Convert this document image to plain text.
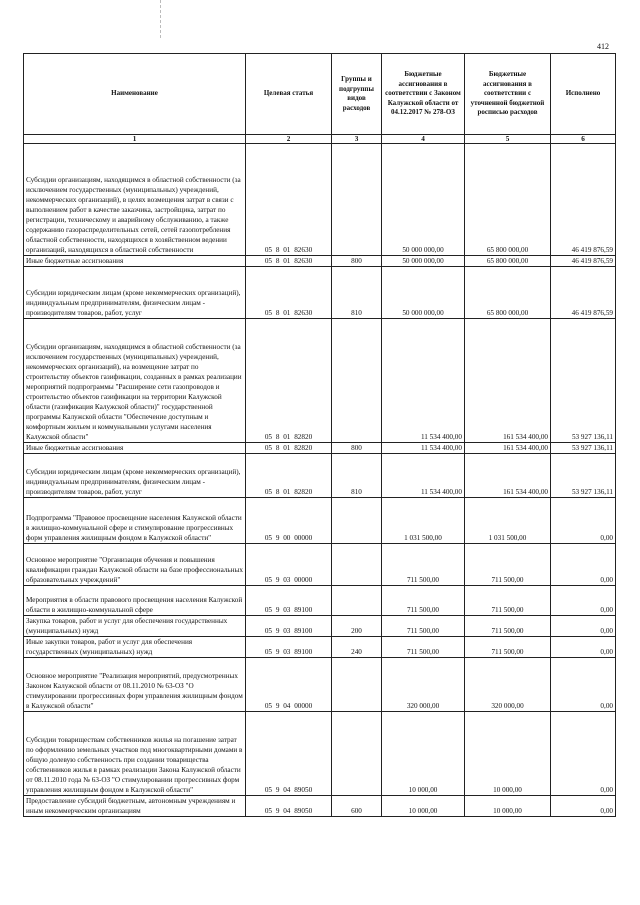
412
Наименование	Целевая статья	Группы и подгруппы видов расходов	Бюджетные ассигнования в соответствии с Законом Калужской области от 04.12.2017 № 278-ОЗ	Бюджетные ассигнования в соответствии с уточненной бюджетной росписью расходов	Исполнено
1	2	3	4	5	6
Субсидии организациям, находящимся в областной собственности (за исключением государственных (муниципальных) учреждений, некоммерческих организаций), в целях возмещения затрат в связи с выполнением работ в качестве заказчика, застройщика, затрат по регистрации, техническому и аварийному обслуживанию, а также содержанию газораспределительных сетей, сетей газопотребления областной собственности, находящихся в хозяйственном ведении организаций, находящихся в областной собственности	05 8 01 82630		50 000 000,00	65 800 000,00	46 419 876,59
Иные бюджетные ассигнования	05 8 01 82630	800	50 000 000,00	65 800 000,00	46 419 876,59
Субсидии юридическим лицам (кроме некоммерческих организаций), индивидуальным предпринимателям, физическим лицам - производителям товаров, работ, услуг	05 8 01 82630	810	50 000 000,00	65 800 000,00	46 419 876,59
Субсидии организациям, находящимся в областной собственности (за исключением государственных (муниципальных) учреждений, некоммерческих организаций), на возмещение затрат по строительству объектов газификации, созданных в рамках реализации мероприятий подпрограммы "Расширение сети газопроводов и строительство объектов газификации на территории Калужской области (газификация Калужской области)" государственной программы Калужской области "Обеспечение доступным и комфортным жильем и коммунальными услугами населения Калужской области"	05 8 01 82820		11 534 400,00	161 534 400,00	53 927 136,11
Иные бюджетные ассигнования	05 8 01 82820	800	11 534 400,00	161 534 400,00	53 927 136,11
Субсидии юридическим лицам (кроме некоммерческих организаций), индивидуальным предпринимателям, физическим лицам - производителям товаров, работ, услуг	05 8 01 82820	810	11 534 400,00	161 534 400,00	53 927 136,11
Подпрограмма "Правовое просвещение населения Калужской области в жилищно-коммунальной сфере и стимулирование прогрессивных форм управления жилищным фондом в Калужской области"	05 9 00 00000		1 031 500,00	1 031 500,00	0,00
Основное мероприятие "Организация обучения и повышения квалификации граждан Калужской области на базе профессиональных образовательных учреждений"	05 9 03 00000		711 500,00	711 500,00	0,00
Мероприятия в области правового просвещения населения Калужской области в жилищно-коммунальной сфере	05 9 03 89100		711 500,00	711 500,00	0,00
Закупка товаров, работ и услуг для обеспечения государственных (муниципальных) нужд	05 9 03 89100	200	711 500,00	711 500,00	0,00
Иные закупки товаров, работ и услуг для обеспечения государственных (муниципальных) нужд	05 9 03 89100	240	711 500,00	711 500,00	0,00
Основное мероприятие "Реализация мероприятий, предусмотренных Законом Калужской области от 08.11.2010 № 63-ОЗ "О стимулировании прогрессивных форм управления жилищным фондом в Калужской области"	05 9 04 00000		320 000,00	320 000,00	0,00
Субсидии товариществам собственников жилья на погашение затрат по оформлению земельных участков под многоквартирными домами в общую долевую собственность при создании товарищества собственников жилья в рамках реализации Закона Калужской области от 08.11.2010 года № 63-ОЗ "О стимулировании прогрессивных форм управления жилищным фондом в Калужской области"	05 9 04 89050		10 000,00	10 000,00	0,00
Предоставление субсидий бюджетным, автономным учреждениям и иным некоммерческим организациям	05 9 04 89050	600	10 000,00	10 000,00	0,00
